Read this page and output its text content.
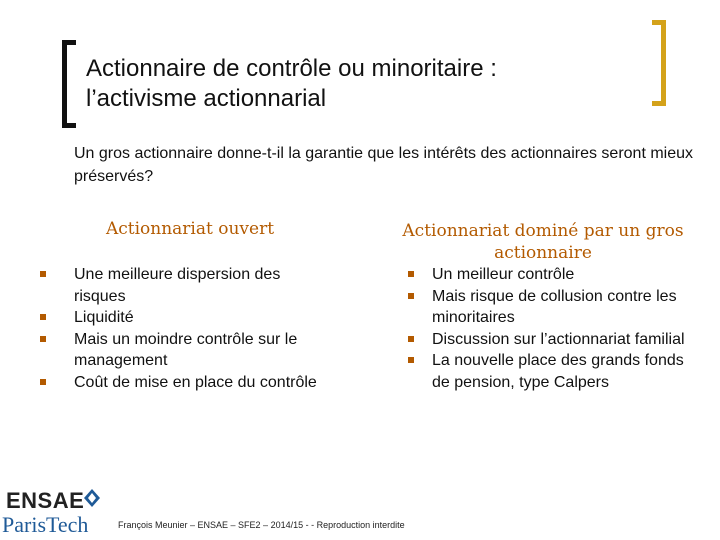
Actionnaire de contrôle ou minoritaire :
l’activisme actionnarial
Un gros actionnaire donne-t-il la garantie que les intérêts des actionnaires seront mieux préservés?
Actionnariat ouvert	Actionnariat dominé par un gros actionnaire
Une meilleure dispersion des risques
Liquidité
Mais un moindre contrôle sur le management
Coût de mise en place du contrôle
Un meilleur contrôle
Mais risque de collusion contre les minoritaires
Discussion sur l’actionnariat familial
La nouvelle place des grands fonds de pension, type Calpers
ENSAE
ParisTech	François Meunier – ENSAE – SFE2 – 2014/15 - - Reproduction interdite
